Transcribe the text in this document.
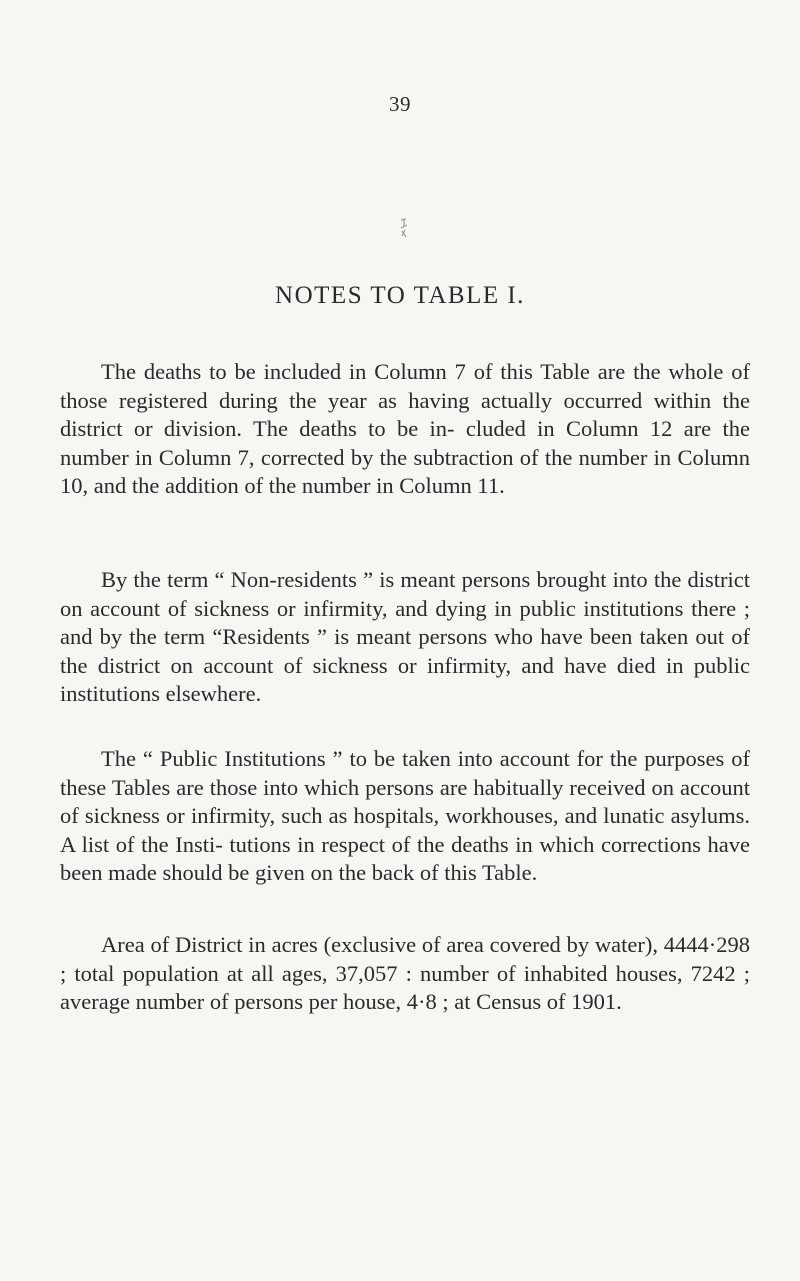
39
NOTES TO TABLE I.

The deaths to be included in Column 7 of this Table are the whole of those registered during the year as having actually occurred within the district or division. The deaths to be in- cluded in Column 12 are the number in Column 7, corrected by the subtraction of the number in Column 10, and the addition of the number in Column 11.

By the term “ Non-residents ” is meant persons brought into the district on account of sickness or infirmity, and dying in public institutions there ; and by the term “Residents ” is meant persons who have been taken out of the district on account of sickness or infirmity, and have died in public institutions elsewhere.

The “ Public Institutions ” to be taken into account for the purposes of these Tables are those into which persons are habitually received on account of sickness or infirmity, such as hospitals, workhouses, and lunatic asylums. A list of the Insti- tutions in respect of the deaths in which corrections have been made should be given on the back of this Table.

Area of District in acres (exclusive of area covered by water), 4444·298 ; total population at all ages, 37,057 : number of inhabited houses, 7242 ; average number of persons per house, 4·8 ; at Census of 1901.
